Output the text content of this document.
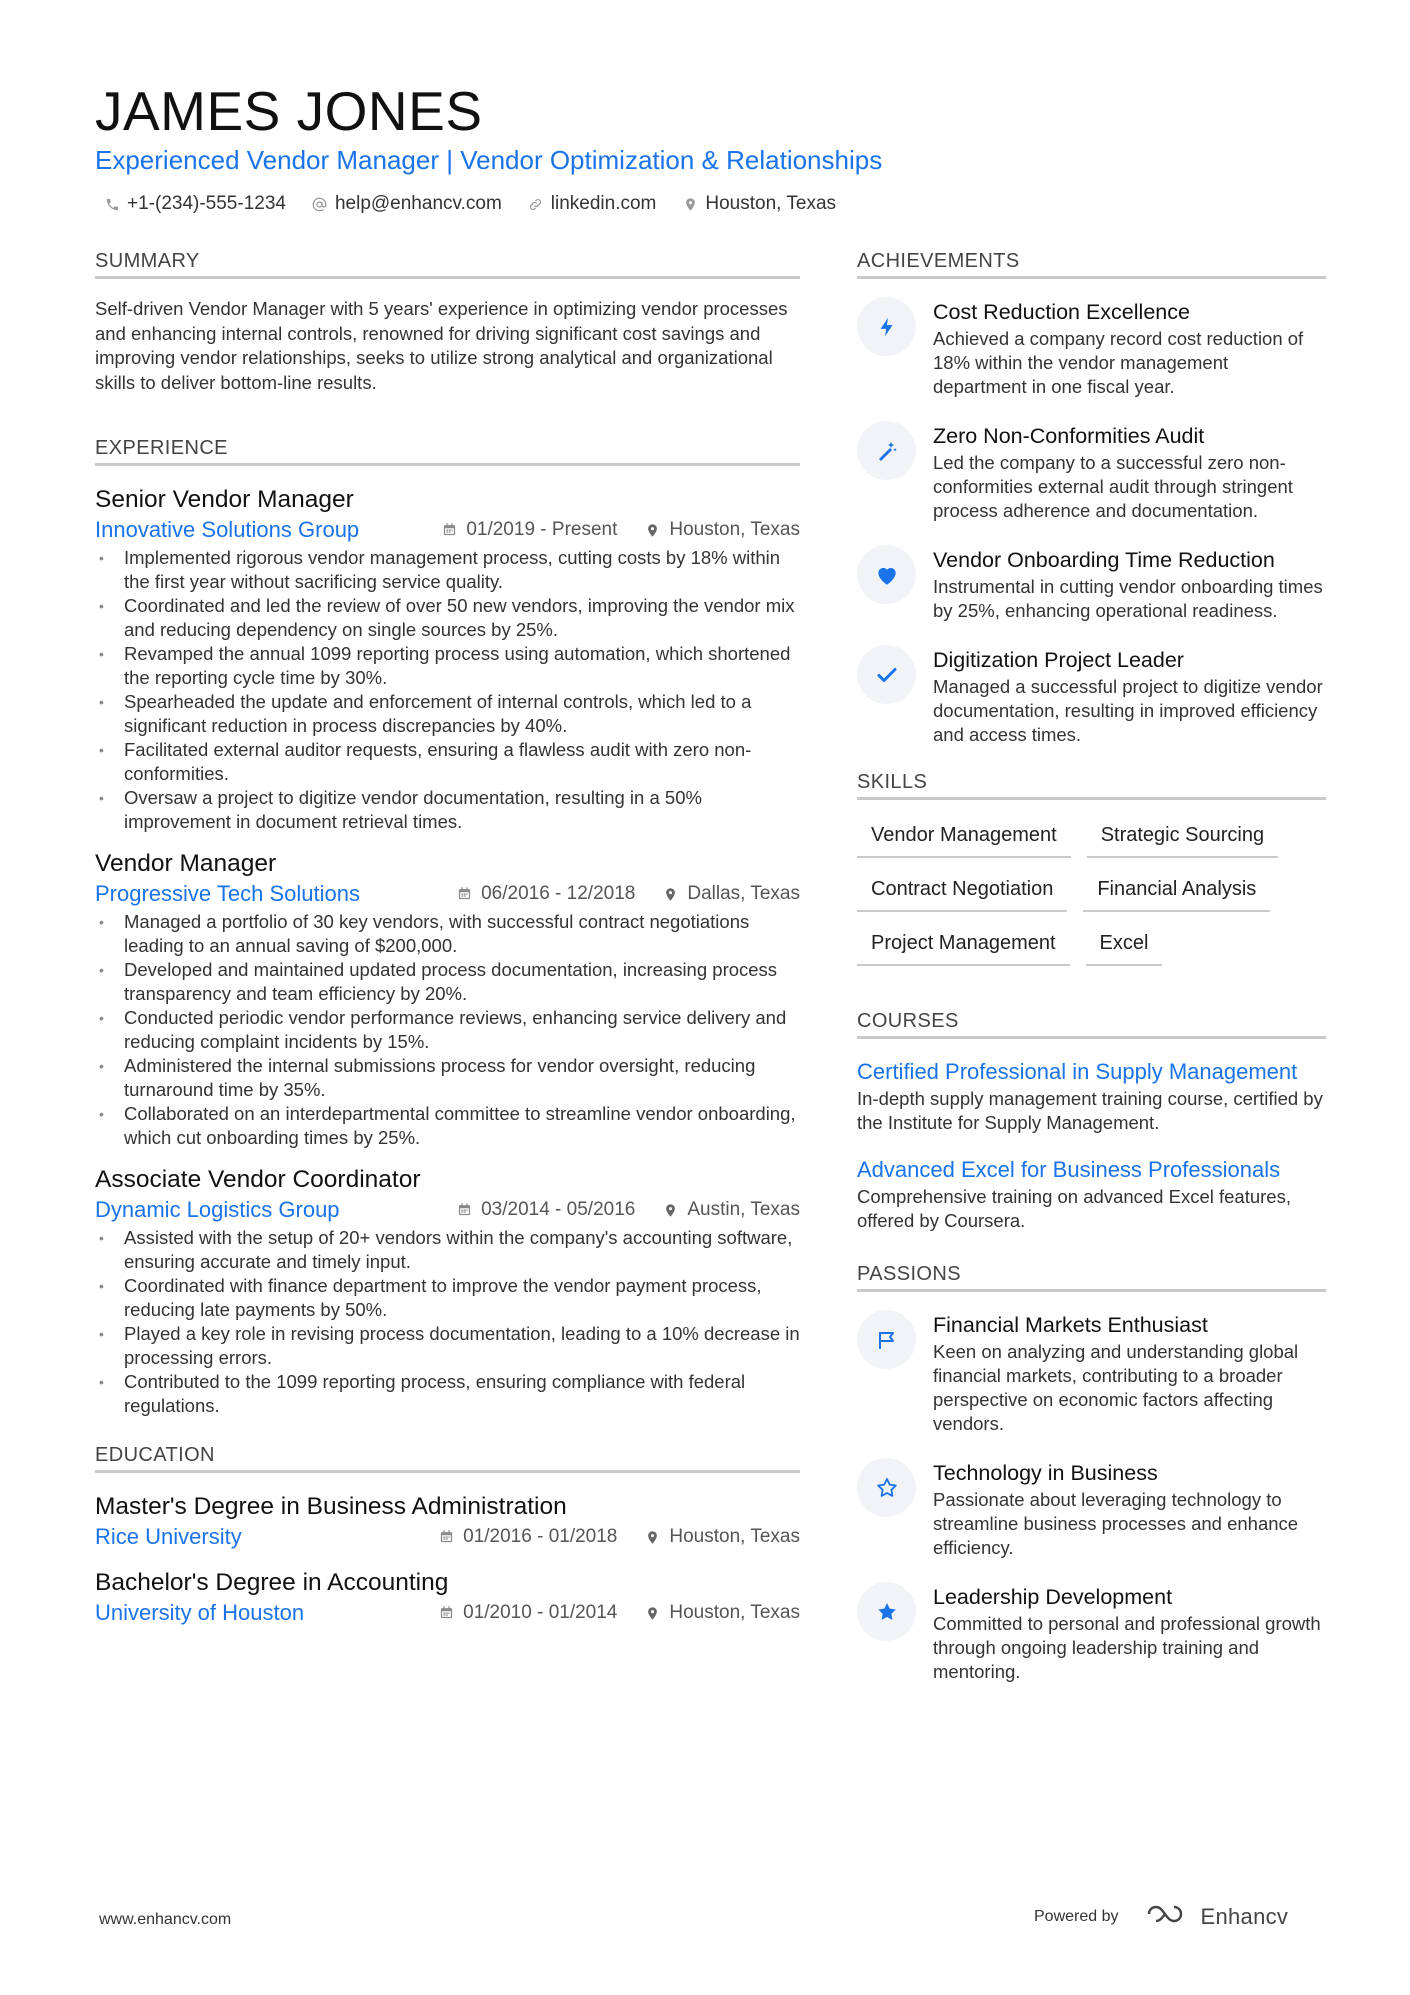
JAMES JONES
Experienced Vendor Manager | Vendor Optimization & Relationships
+1-(234)-555-1234	help@enhancv.com	linkedin.com	Houston, Texas
SUMMARY
Self-driven Vendor Manager with 5 years' experience in optimizing vendor processes and enhancing internal controls, renowned for driving significant cost savings and improving vendor relationships, seeks to utilize strong analytical and organizational skills to deliver bottom-line results.
EXPERIENCE
Senior Vendor Manager
Innovative Solutions Group	01/2019 - Present	Houston, Texas
• Implemented rigorous vendor management process, cutting costs by 18% within the first year without sacrificing service quality.
• Coordinated and led the review of over 50 new vendors, improving the vendor mix and reducing dependency on single sources by 25%.
• Revamped the annual 1099 reporting process using automation, which shortened the reporting cycle time by 30%.
• Spearheaded the update and enforcement of internal controls, which led to a significant reduction in process discrepancies by 40%.
• Facilitated external auditor requests, ensuring a flawless audit with zero non-conformities.
• Oversaw a project to digitize vendor documentation, resulting in a 50% improvement in document retrieval times.
Vendor Manager
Progressive Tech Solutions	06/2016 - 12/2018	Dallas, Texas
• Managed a portfolio of 30 key vendors, with successful contract negotiations leading to an annual saving of $200,000.
• Developed and maintained updated process documentation, increasing process transparency and team efficiency by 20%.
• Conducted periodic vendor performance reviews, enhancing service delivery and reducing complaint incidents by 15%.
• Administered the internal submissions process for vendor oversight, reducing turnaround time by 35%.
• Collaborated on an interdepartmental committee to streamline vendor onboarding, which cut onboarding times by 25%.
Associate Vendor Coordinator
Dynamic Logistics Group	03/2014 - 05/2016	Austin, Texas
• Assisted with the setup of 20+ vendors within the company's accounting software, ensuring accurate and timely input.
• Coordinated with finance department to improve the vendor payment process, reducing late payments by 50%.
• Played a key role in revising process documentation, leading to a 10% decrease in processing errors.
• Contributed to the 1099 reporting process, ensuring compliance with federal regulations.
EDUCATION
Master's Degree in Business Administration
Rice University	01/2016 - 01/2018	Houston, Texas
Bachelor's Degree in Accounting
University of Houston	01/2010 - 01/2014	Houston, Texas
ACHIEVEMENTS
Cost Reduction Excellence
Achieved a company record cost reduction of 18% within the vendor management department in one fiscal year.
Zero Non-Conformities Audit
Led the company to a successful zero non-conformities external audit through stringent process adherence and documentation.
Vendor Onboarding Time Reduction
Instrumental in cutting vendor onboarding times by 25%, enhancing operational readiness.
Digitization Project Leader
Managed a successful project to digitize vendor documentation, resulting in improved efficiency and access times.
SKILLS
Vendor Management	Strategic Sourcing
Contract Negotiation	Financial Analysis
Project Management	Excel
COURSES
Certified Professional in Supply Management
In-depth supply management training course, certified by the Institute for Supply Management.
Advanced Excel for Business Professionals
Comprehensive training on advanced Excel features, offered by Coursera.
PASSIONS
Financial Markets Enthusiast
Keen on analyzing and understanding global financial markets, contributing to a broader perspective on economic factors affecting vendors.
Technology in Business
Passionate about leveraging technology to streamline business processes and enhance efficiency.
Leadership Development
Committed to personal and professional growth through ongoing leadership training and mentoring.
www.enhancv.com	Powered by	Enhancv
